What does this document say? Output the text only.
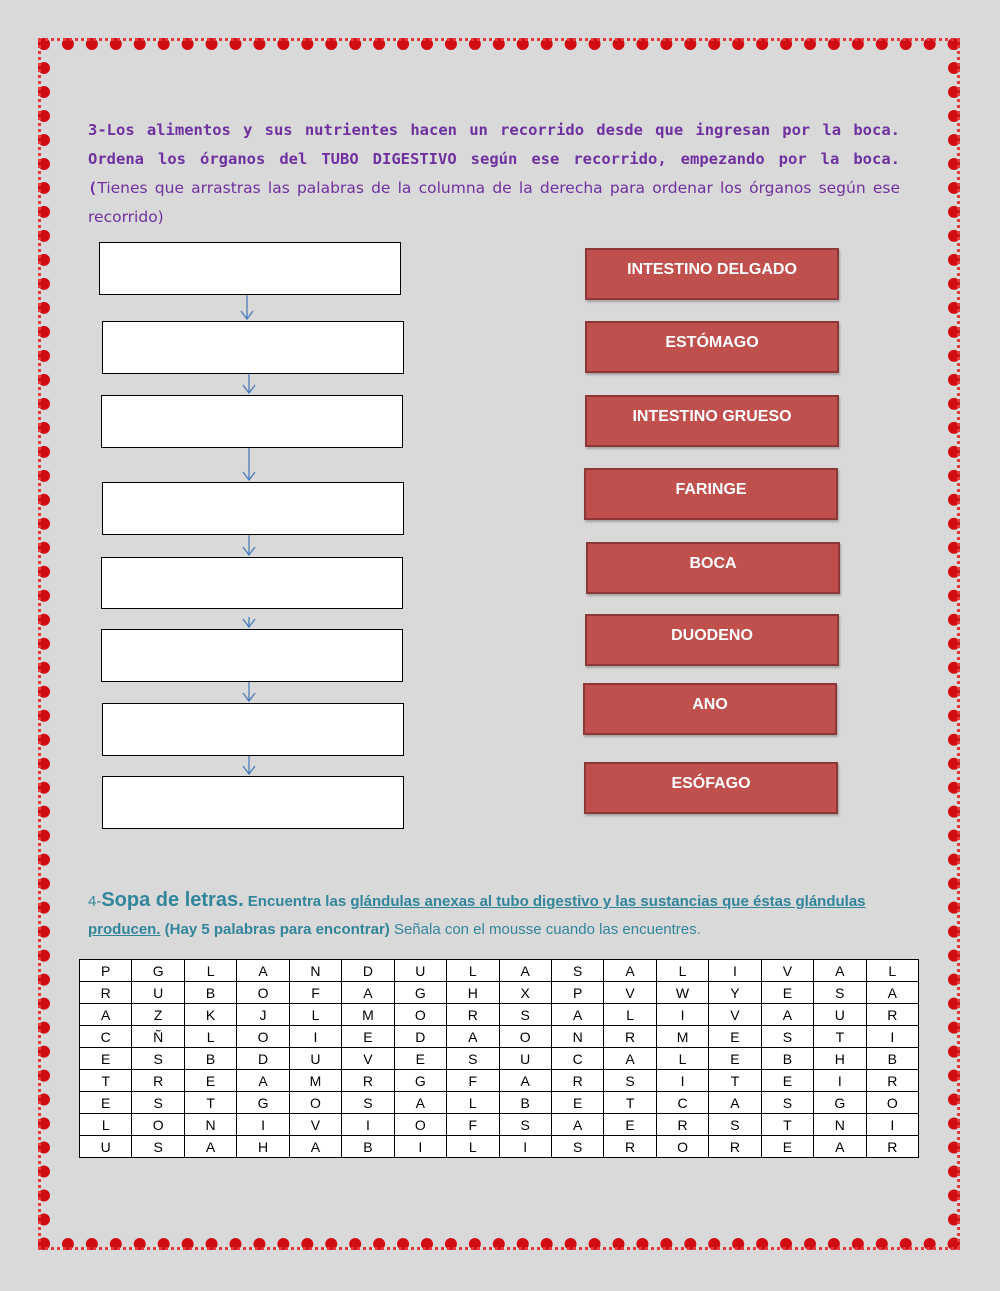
3-Los alimentos y sus nutrientes hacen un recorrido desde que ingresan por la boca. Ordena los órganos del TUBO DIGESTIVO según ese recorrido, empezando por la boca. (Tienes que arrastras las palabras de la columna de la derecha para ordenar los órganos según ese recorrido)
INTESTINO DELGADO
ESTÓMAGO
INTESTINO GRUESO
FARINGE
BOCA
DUODENO
ANO
ESÓFAGO
4-Sopa de letras. Encuentra las glándulas anexas al tubo digestivo y las sustancias que éstas glándulas producen. (Hay 5 palabras para encontrar) Señala con el mousse cuando las encuentres.
P	G	L	A	N	D	U	L	A	S	A	L	I	V	A	L
R	U	B	O	F	A	G	H	X	P	V	W	Y	E	S	A
A	Z	K	J	L	M	O	R	S	A	L	I	V	A	U	R
C	Ñ	L	O	I	E	D	A	O	N	R	M	E	S	T	I
E	S	B	D	U	V	E	S	U	C	A	L	E	B	H	B
T	R	E	A	M	R	G	F	A	R	S	I	T	E	I	R
E	S	T	G	O	S	A	L	B	E	T	C	A	S	G	O
L	O	N	I	V	I	O	F	S	A	E	R	S	T	N	I
U	S	A	H	A	B	I	L	I	S	R	O	R	E	A	R
